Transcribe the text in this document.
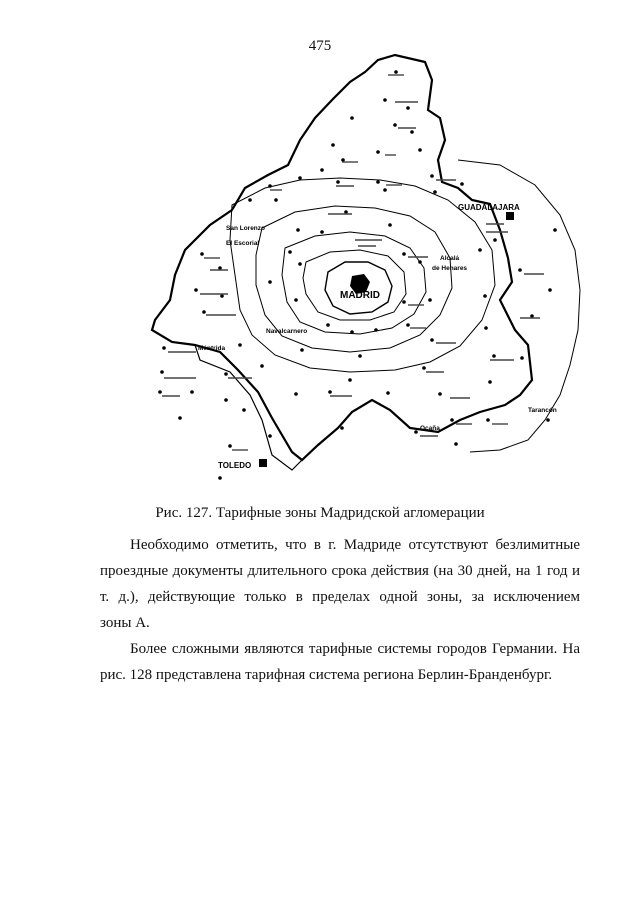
475
MADRID
GUADALAJARA
TOLEDO
San Lorenzo
El Escorial
Alcalá
de Henares
Navalcarnero
Méntrida
Tarancón
Ocaña
Рис. 127. Тарифные зоны Мадридской агломерации
Необходимо отметить, что в г. Мадриде отсутствуют безлимитные
проездные документы длительного срока действия (на 30 дней, на 1 год и
т. д.), действующие только в пределах одной зоны, за исключением
зоны А.
Более сложными являются тарифные системы городов Германии. На
рис. 128 представлена тарифная система региона Берлин-Бранденбург.
